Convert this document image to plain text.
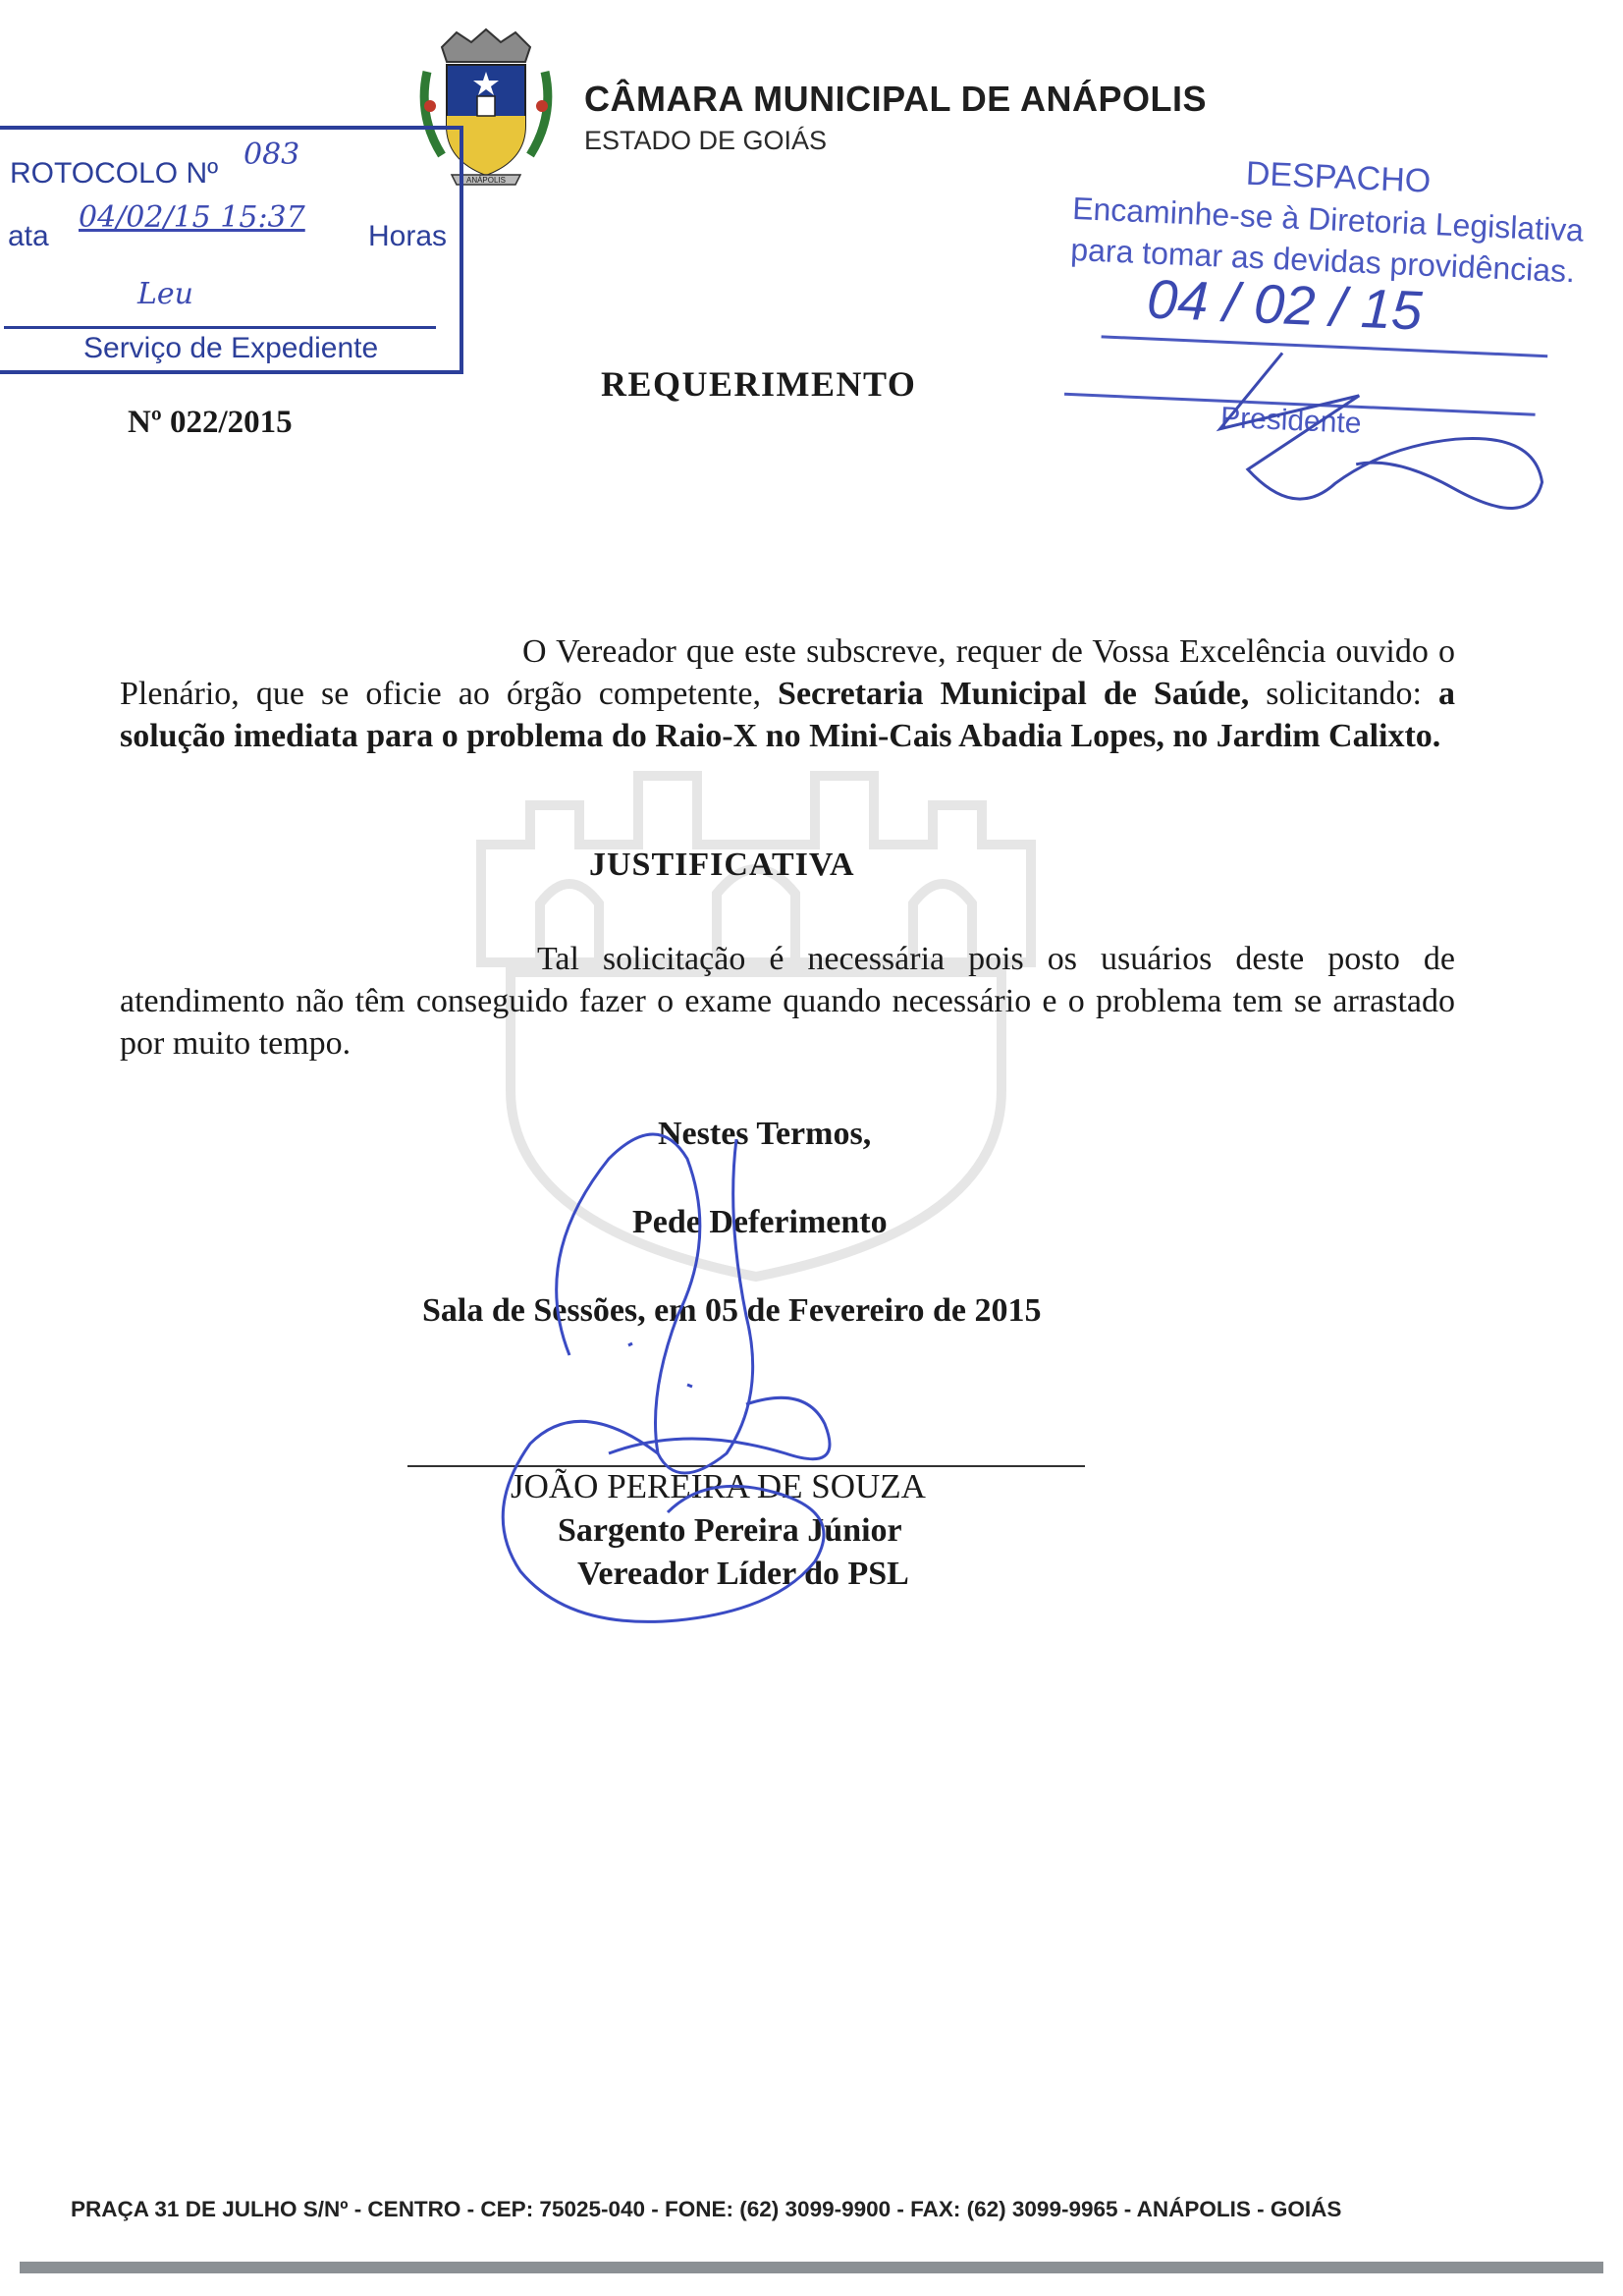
ANÁPOLIS
CÂMARA MUNICIPAL DE ANÁPOLIS
ESTADO DE GOIÁS
ROTOCOLO Nº
083
ata
04/02/15 15:37
Horas
Leu
Serviço de Expediente
DESPACHO
Encaminhe-se à Diretoria Legislativa
para tomar as devidas providências.
04 / 02 / 15
Presidente
Nº 022/2015
REQUERIMENTO
O Vereador que este subscreve, requer de Vossa Excelência ouvido o Plenário, que se oficie ao órgão competente, Secretaria Municipal de Saúde, solicitando: a solução imediata para o problema do Raio-X no Mini-Cais Abadia Lopes, no Jardim Calixto.
JUSTIFICATIVA
Tal solicitação é necessária pois os usuários deste posto de atendimento não têm conseguido fazer o exame quando necessário e o problema tem se arrastado por muito tempo.
Nestes Termos,
Pede Deferimento
Sala de Sessões, em 05 de Fevereiro de 2015
JOÃO PEREIRA DE SOUZA
Sargento Pereira Júnior
Vereador Líder do PSL
PRAÇA 31 DE JULHO S/Nº - CENTRO - CEP: 75025-040 - FONE: (62) 3099-9900 - FAX: (62) 3099-9965 - ANÁPOLIS - GOIÁS
